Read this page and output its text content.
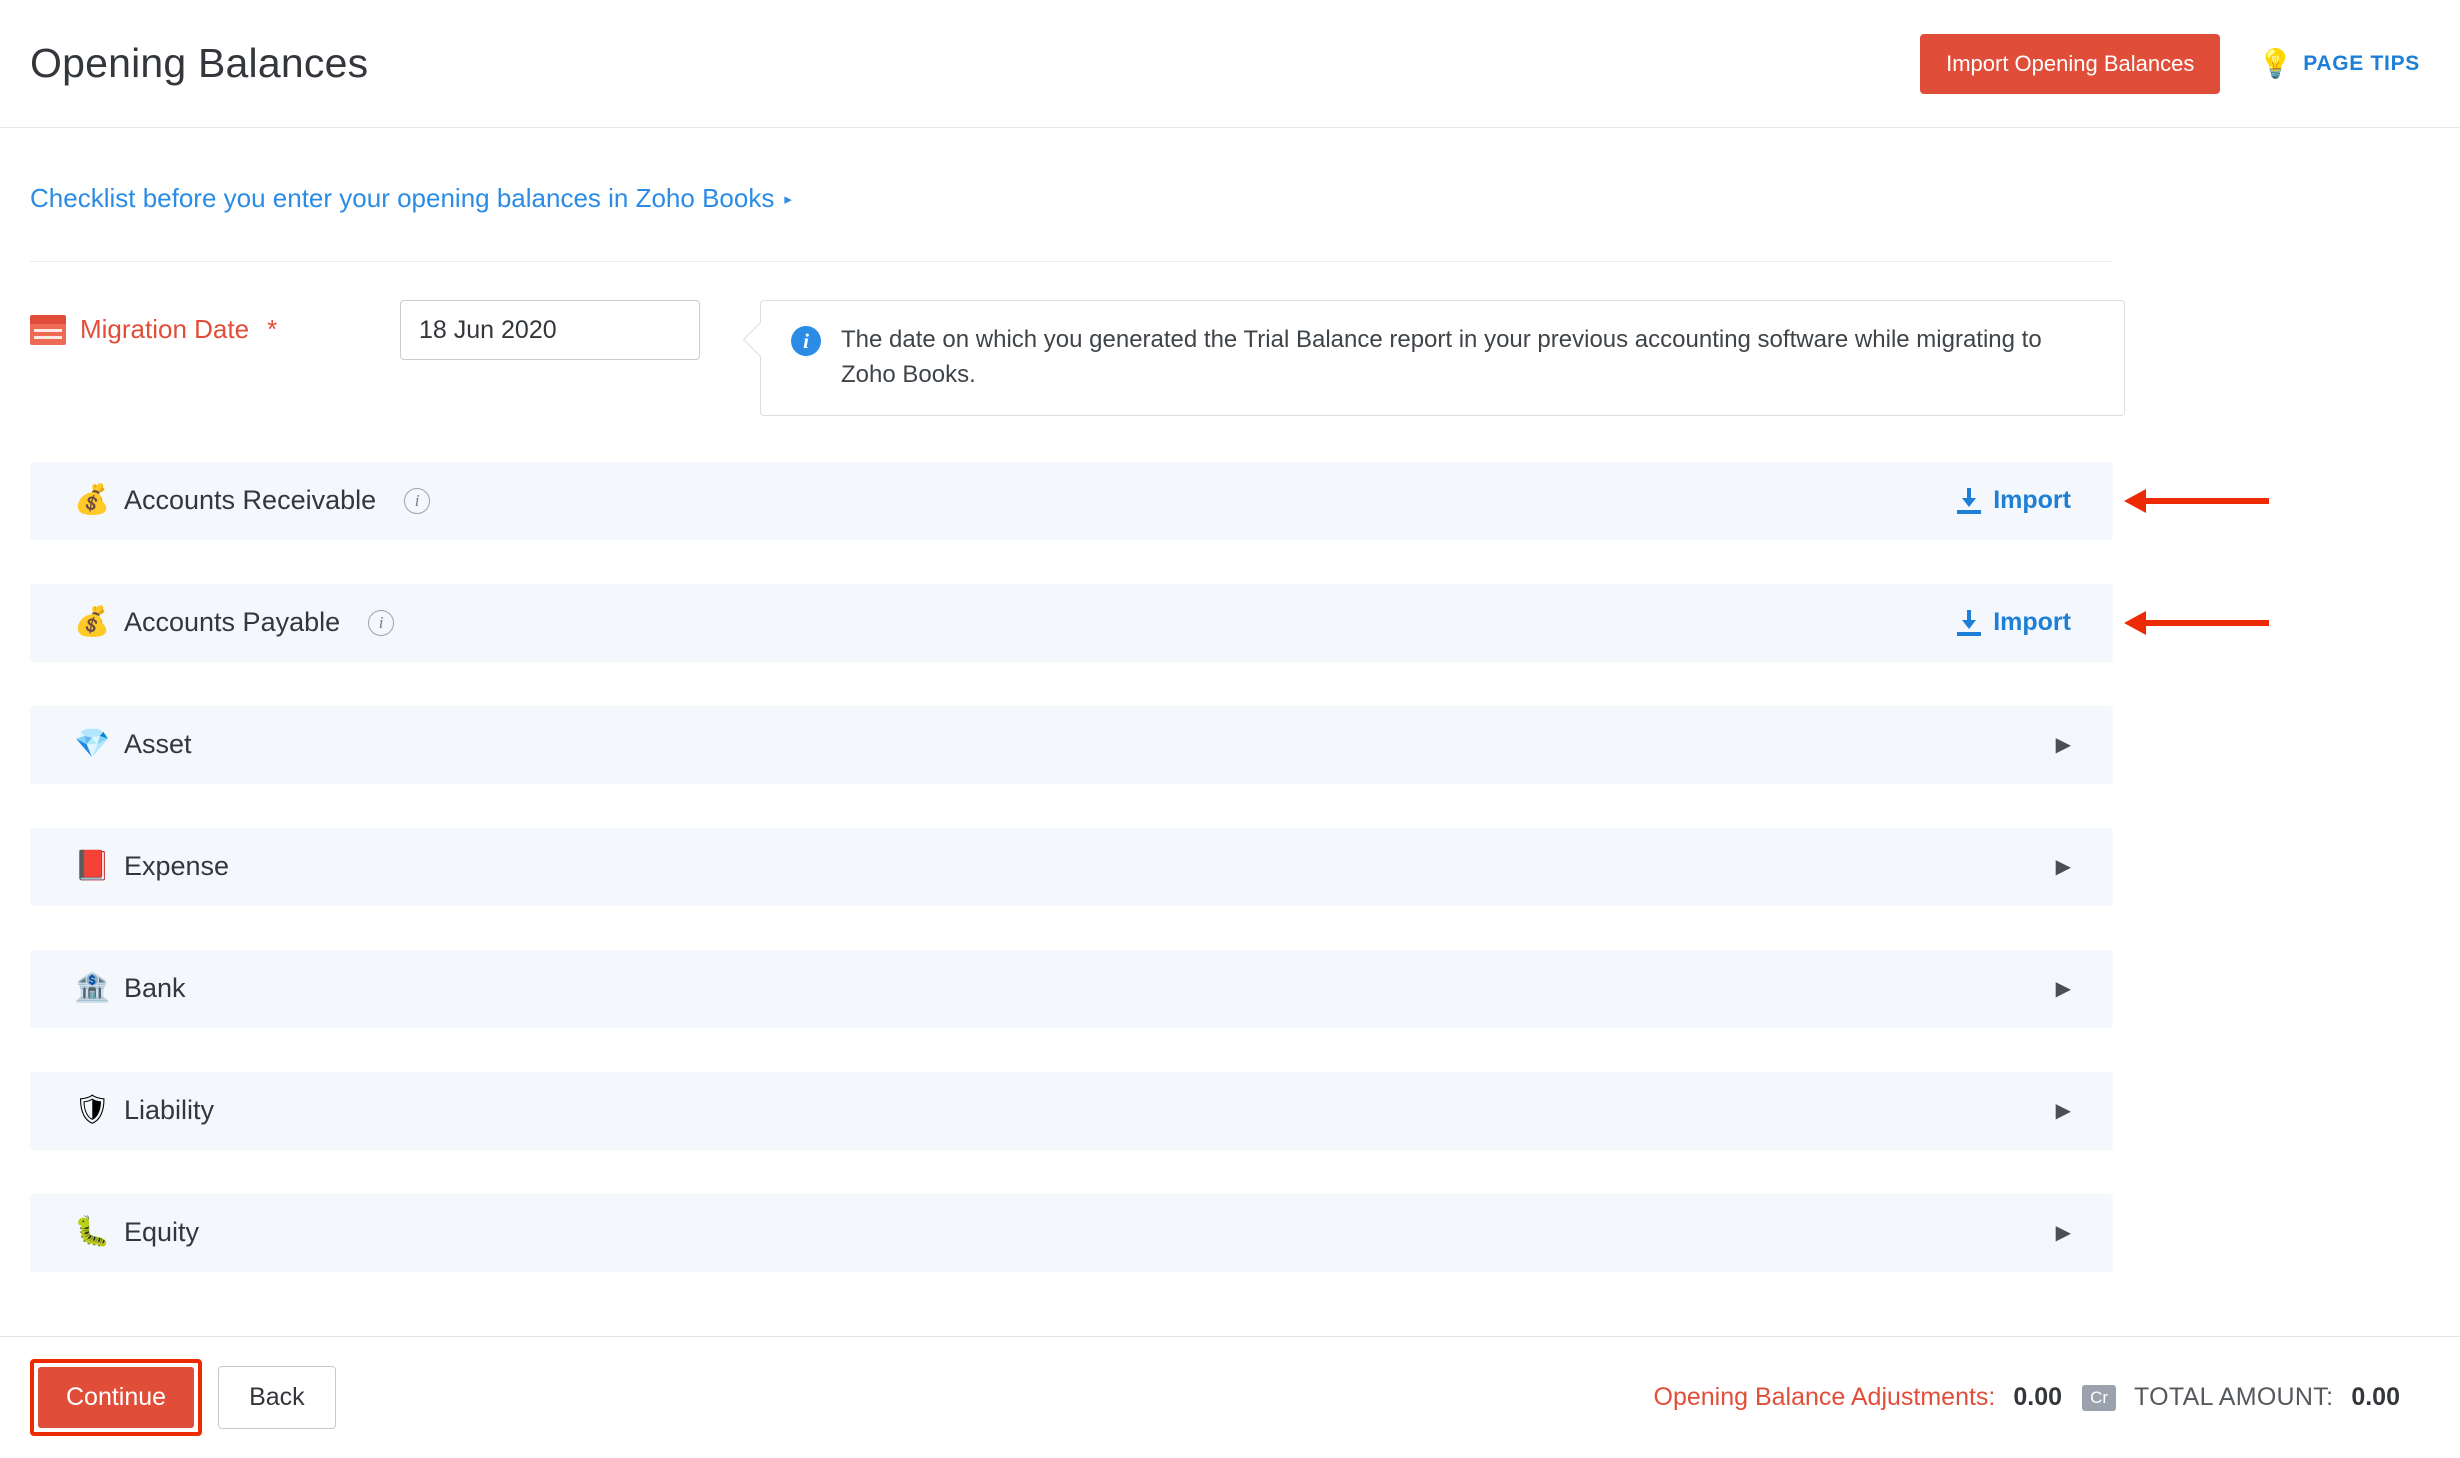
Opening Balances	Import Opening Balances	💡 PAGE TIPS
Checklist before you enter your opening balances in Zoho Books ▸
Migration Date *
18 Jun 2020	i	The date on which you generated the Trial Balance report in your previous accounting software while migrating to Zoho Books.
💰 Accounts Receivable	i	Import
💰 Accounts Payable	i	Import
💎 Asset	▶
📕 Expense	▶
🏦 Bank	▶
🛡 Liability	▶
🐛 Equity	▶
Continue	Back	Opening Balance Adjustments: 0.00	Cr	TOTAL AMOUNT: 0.00
